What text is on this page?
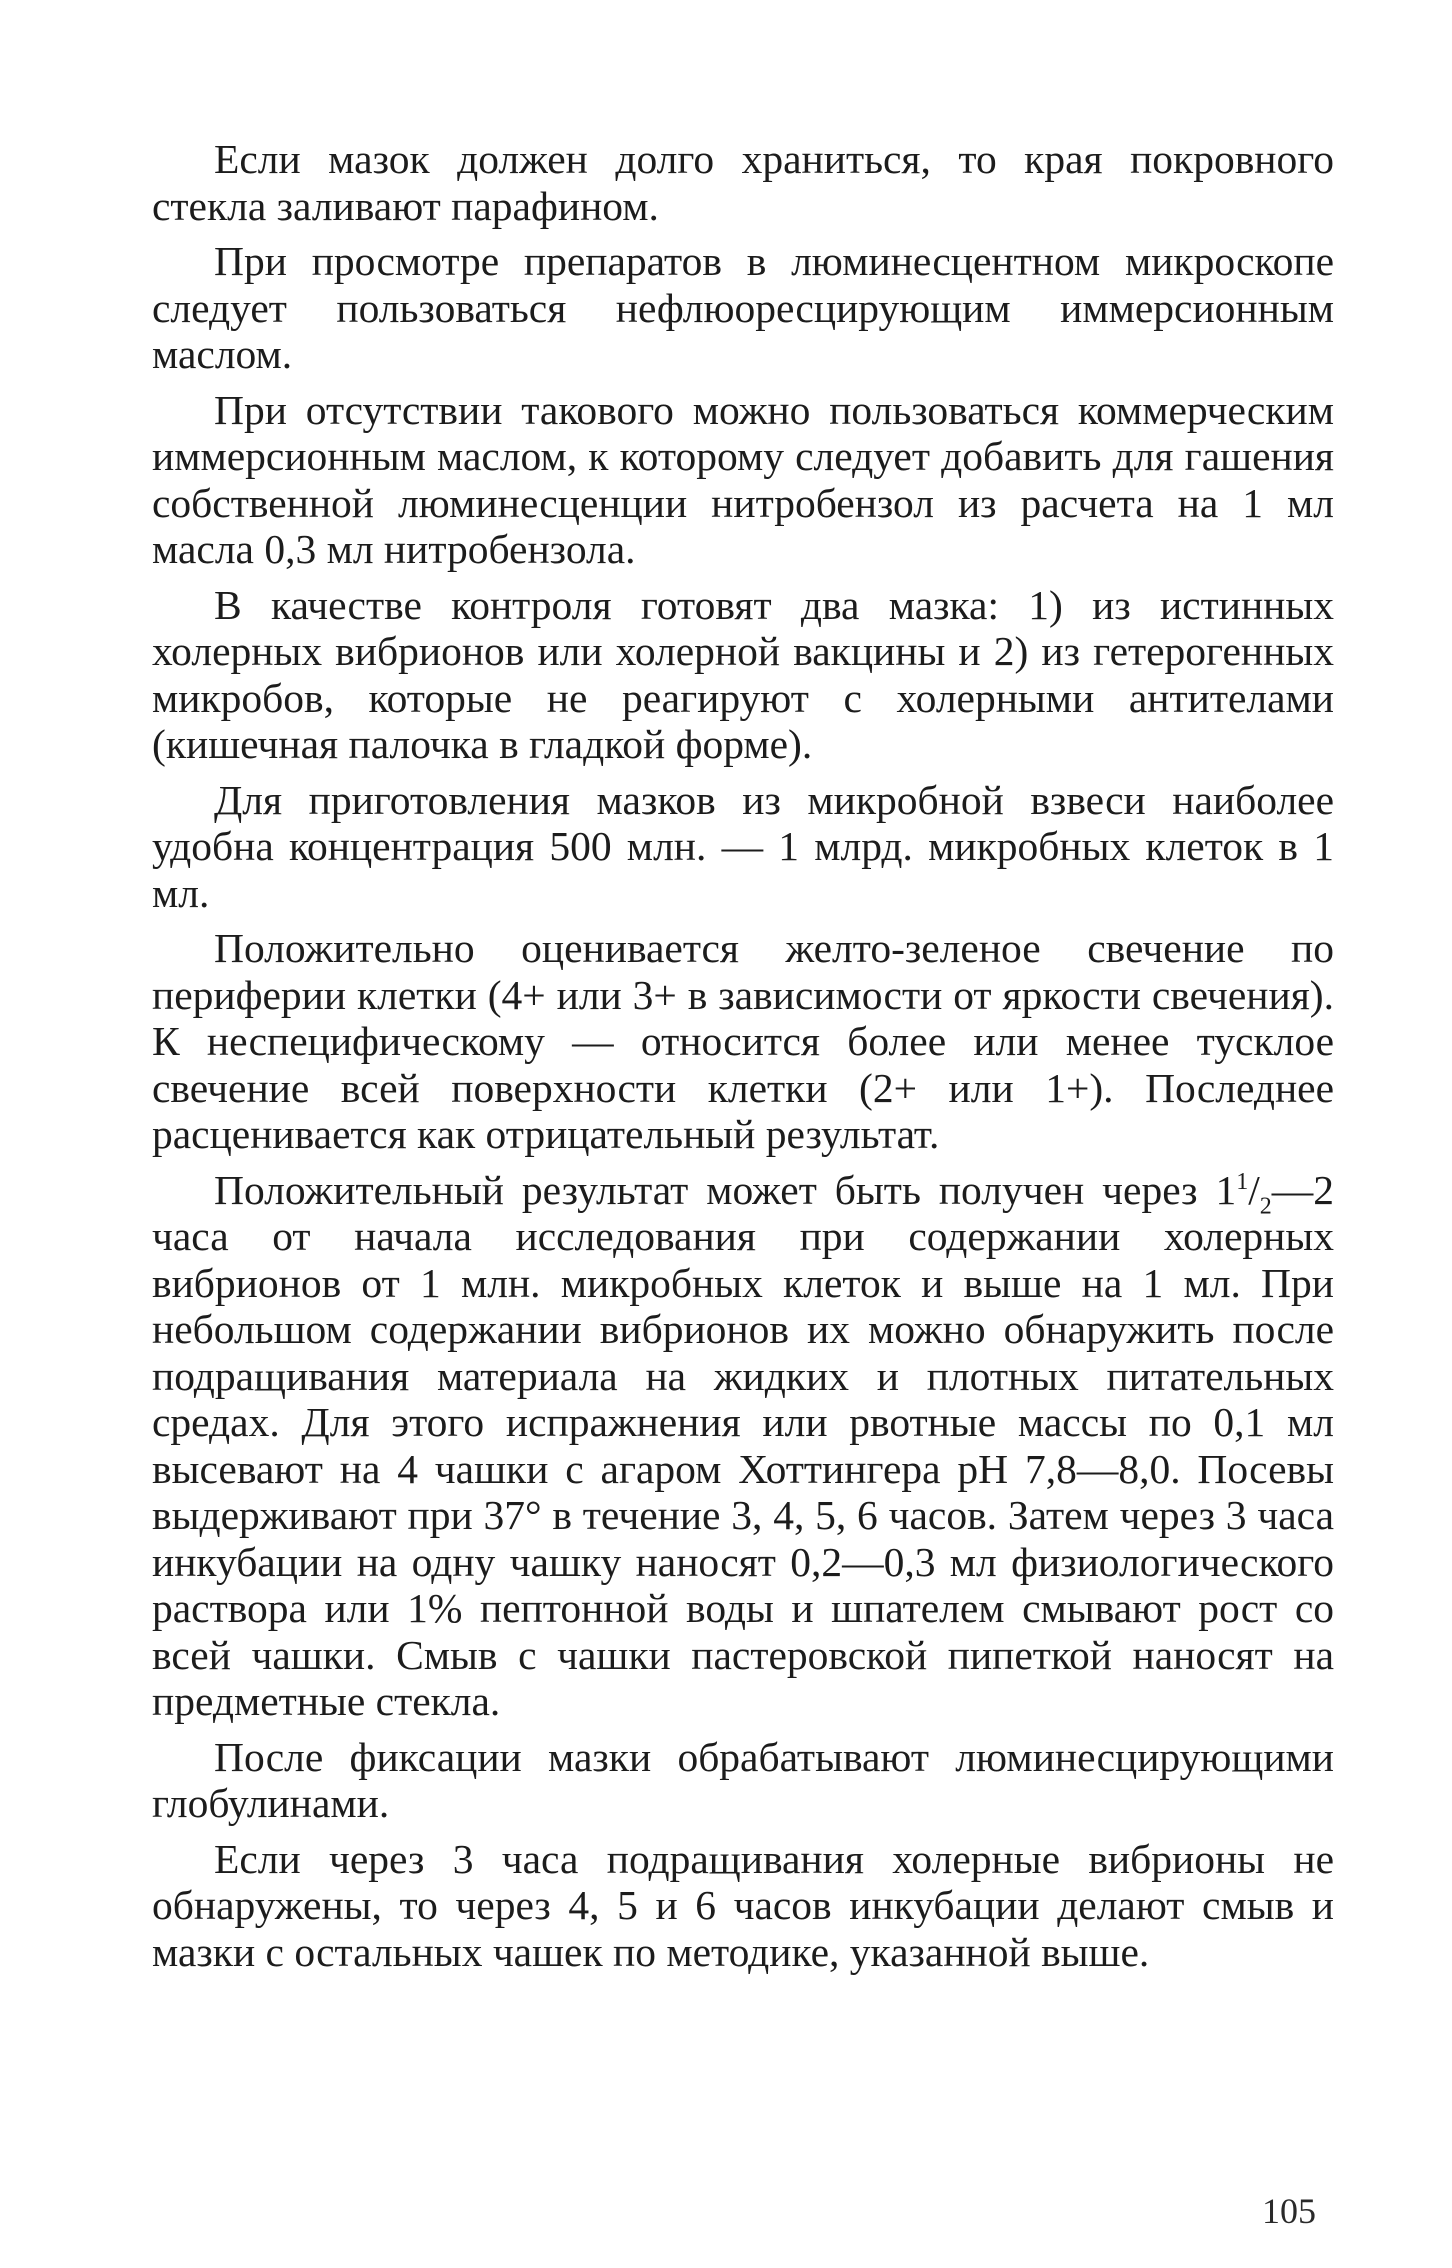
Если мазок должен долго храниться, то края покровного стекла заливают парафином.

При просмотре препаратов в люминесцентном микроскопе следует пользоваться нефлюоресцирующим иммерсионным маслом.

При отсутствии такового можно пользоваться коммерческим иммерсионным маслом, к которому следует добавить для гашения собственной люминесценции нитробензол из расчета на 1 мл масла 0,3 мл нитробензола.

В качестве контроля готовят два мазка: 1) из истинных холерных вибрионов или холерной вакцины и 2) из гетерогенных микробов, которые не реагируют с холерными антителами (кишечная палочка в гладкой форме).

Для приготовления мазков из микробной взвеси наиболее удобна концентрация 500 млн. — 1 млрд. микробных клеток в 1 мл.

Положительно оценивается желто-зеленое свечение по периферии клетки (4+ или 3+ в зависимости от яркости свечения). К неспецифическому — относится более или менее тусклое свечение всей поверхности клетки (2+ или 1+). Последнее расценивается как отрицательный результат.

Положительный результат может быть получен через $1^1/_2—2$ часа от начала исследования при содержании холерных вибрионов от 1 млн. микробных клеток и выше на 1 мл. При небольшом содержании вибрионов их можно обнаружить после подращивания материала на жидких и плотных питательных средах. Для этого испражнения или рвотные массы по 0,1 мл высевают на 4 чашки с агаром Хоттингера pH 7,8—8,0. Посевы выдерживают при 37° в течение 3, 4, 5, 6 часов. Затем через 3 часа инкубации на одну чашку наносят 0,2—0,3 мл физиологического раствора или 1% пептонной воды и шпателем смывают рост со всей чашки. Смыв с чашки пастеровской пипеткой наносят на предметные стекла.

После фиксации мазки обрабатывают люминесцирующими глобулинами.

Если через 3 часа подращивания холерные вибрионы не обнаружены, то через 4, 5 и 6 часов инкубации делают смыв и мазки с остальных чашек по методике, указанной выше.

105
